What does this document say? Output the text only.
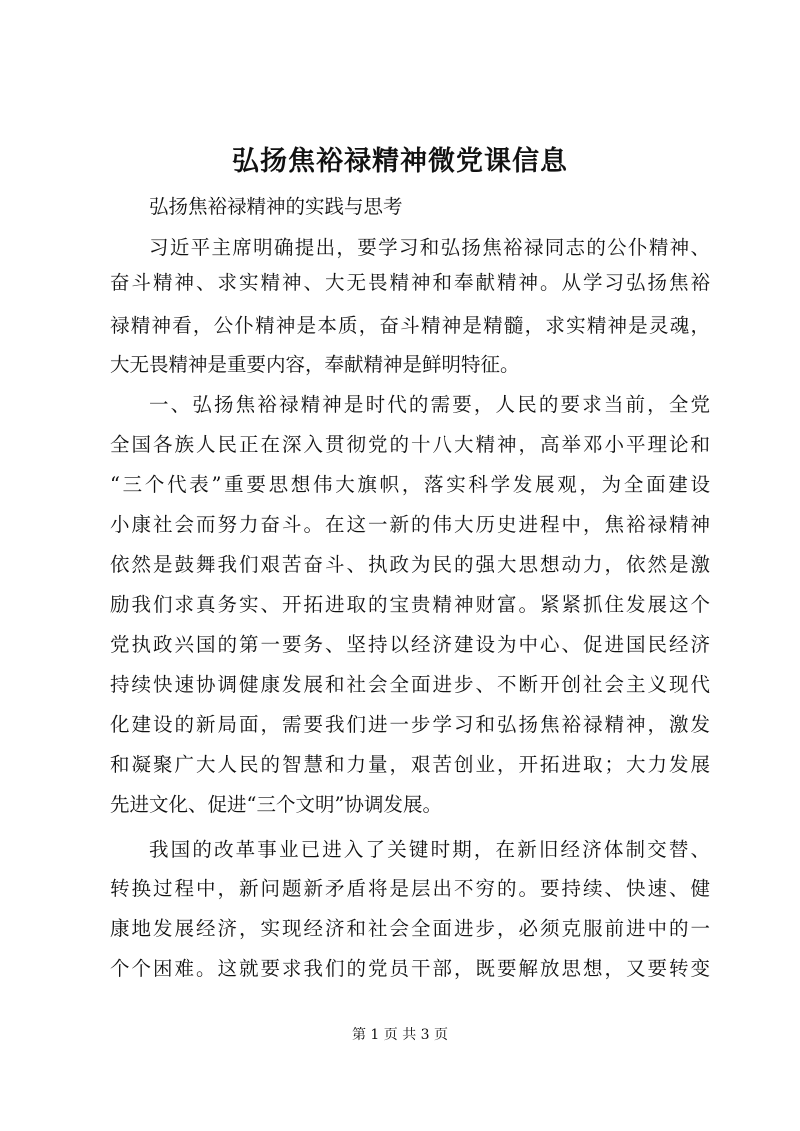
弘扬焦裕禄精神微党课信息

弘扬焦裕禄精神的实践与思考

习近平主席明确提出，要学习和弘扬焦裕禄同志的公仆精神、

奋斗精神、求实精神、大无畏精神和奉献精神。从学习弘扬焦裕

禄精神看，公仆精神是本质，奋斗精神是精髓，求实精神是灵魂，

大无畏精神是重要内容，奉献精神是鲜明特征。

一、弘扬焦裕禄精神是时代的需要，人民的要求当前，全党

全国各族人民正在深入贯彻党的十八大精神，高举邓小平理论和

“三个代表”重要思想伟大旗帜，落实科学发展观，为全面建设

小康社会而努力奋斗。在这一新的伟大历史进程中，焦裕禄精神

依然是鼓舞我们艰苦奋斗、执政为民的强大思想动力，依然是激

励我们求真务实、开拓进取的宝贵精神财富。紧紧抓住发展这个

党执政兴国的第一要务、坚持以经济建设为中心、促进国民经济

持续快速协调健康发展和社会全面进步、不断开创社会主义现代

化建设的新局面，需要我们进一步学习和弘扬焦裕禄精神，激发

和凝聚广大人民的智慧和力量，艰苦创业，开拓进取；大力发展

先进文化、促进“三个文明”协调发展。

我国的改革事业已进入了关键时期，在新旧经济体制交替、

转换过程中，新问题新矛盾将是层出不穷的。要持续、快速、健

康地发展经济，实现经济和社会全面进步，必须克服前进中的一

个个困难。这就要求我们的党员干部，既要解放思想，又要转变

第 1 页 共 3 页
